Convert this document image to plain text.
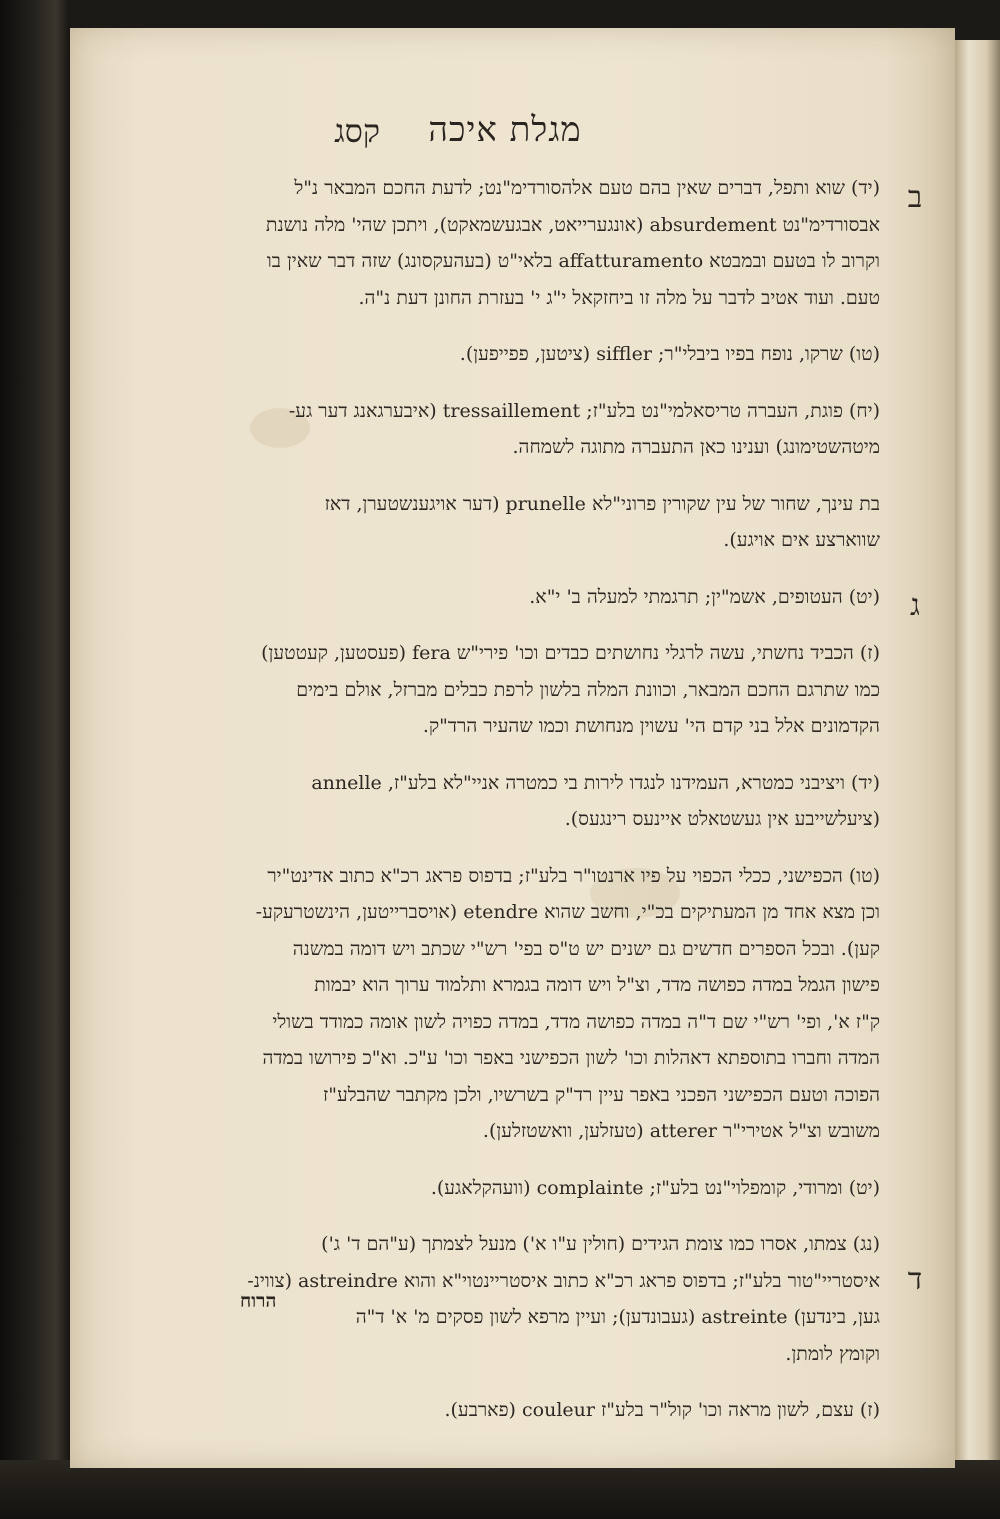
מגלת איכה
קסג
ב
ג
ד

(יד) שוא ותפל, דברים שאין בהם טעם אלהסורדימ"נט; לדעת החכם המבאר נ"ל

אבסורדימ"נט absurdement (אונגערייאט, אבגעשמאקט), ויתכן שהי' מלה נושנת

וקרוב לו בטעם ובמבטא affatturamento בלאי"ט (בעהעקסונג) שזה דבר שאין בו

טעם. ועוד אטיב לדבר על מלה זו ביחזקאל י"ג י' בעזרת החונן דעת נ"ה.

(טו) שרקו, נופח בפיו ביבלי"ר; siffler (ציטען, פפייפען).

(יח) פוגת, העברה טריסאלמי"נט בלע"ז; tressaillement (איבערגאנג דער גע-

מיטהשטימונג) וענינו כאן התעברה מתוגה לשמחה.

בת עינך, שחור של עין שקורין פרוני"לא prunelle (דער אויגענשטערן, דאז

שווארצע אים אויגע).

(יט) העטופים, אשמ"ין; תרגמתי למעלה ב' י"א.

(ז) הכביד נחשתי, עשה לרגלי נחושתים כבדים וכו' פירי"ש fera (פעסטען, קעטטען)

כמו שתרגם החכם המבאר, וכוונת המלה בלשון לרפת כבלים מברזל, אולם בימים

הקדמונים אלל בני קדם הי' עשוין מנחושת וכמו שהעיר הרד"ק.

(יד) ויציבני כמטרא, העמידנו לנגדו לירות בי כמטרה אניי"לא בלע"ז, annelle

(ציעלשייבע אין געשטאלט איינעס רינגעס).

(טו) הכפישני, ככלי הכפוי על פיו ארנטו"ר בלע"ז; בדפוס פראג רכ"א כתוב אדינט"יר

וכן מצא אחד מן המעתיקים בכ"י, וחשב שהוא etendre (אויסברייטען, הינשטרעקע-

קען). ובכל הספרים חדשים גם ישנים יש ט"ס בפי' רש"י שכתב ויש דומה במשנה

פישון הגמל במדה כפושה מדד, וצ"ל ויש דומה בגמרא ותלמוד ערוך הוא יבמות

ק"ז א', ופי' רש"י שם ד"ה במדה כפושה מדד, במדה כפויה לשון אומה כמודד בשולי

המדה וחברו בתוספתא דאהלות וכו' לשון הכפישני באפר וכו' ע"כ. וא"כ פירושו במדה

הפוכה וטעם הכפישני הפכני באפר עיין רד"ק בשרשיו, ולכן מקתבר שהבלע"ז

משובש וצ"ל אטירי"ר atterer (טעזלען, וואשטזלען).

(יט) ומרודי, קומפלוי"נט בלע"ז; complainte (וועהקלאגע).

(נג) צמתו, אסרו כמו צומת הגידים (חולין ע"ו א') מנעל לצמתך (ע"הם ד' ג')

איסטריי"טור בלע"ז; בדפוס פראג רכ"א כתוב איסטריינטוי"א והוא astreindre (צווינ-

גען, בינדען) astreinte (געבונדען); ועיין מרפא לשון פסקים מ' א' ד"ה

וקומץ לומתן.

(ז) עצם, לשון מראה וכו' קול"ר בלע"ז couleur (פארבע).

הרוח
